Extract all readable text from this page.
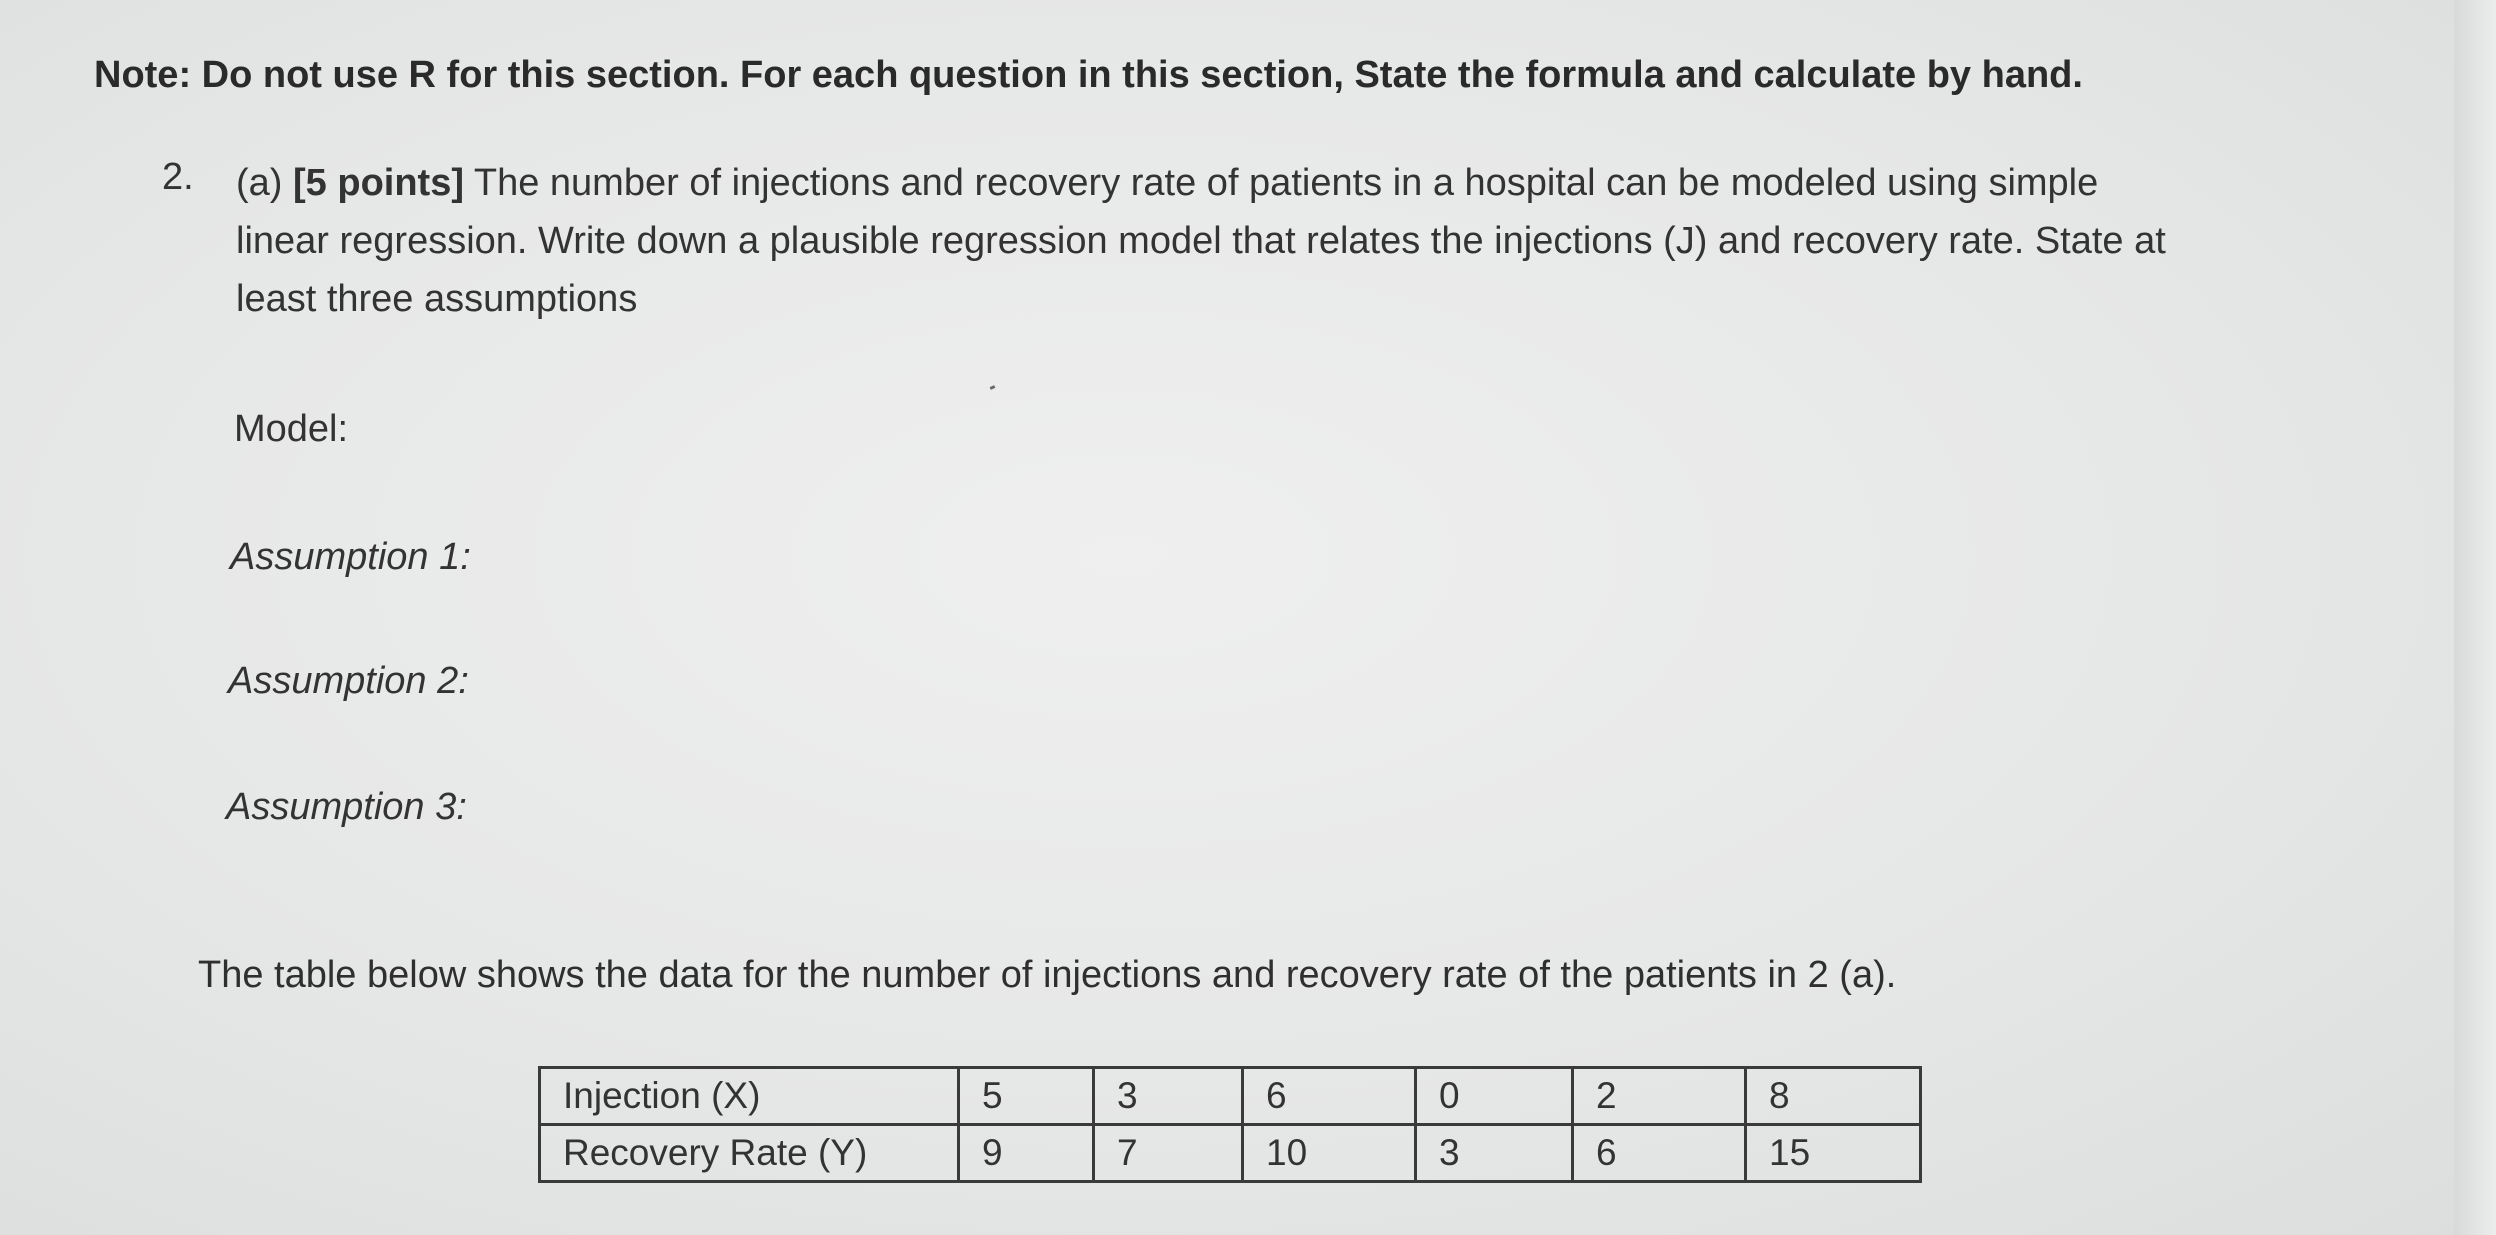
Note: Do not use R for this section. For each question in this section, State the formula and calculate by hand.
2. (a) [5 points] The number of injections and recovery rate of patients in a hospital can be modeled using simple
linear regression. Write down a plausible regression model that relates the injections (J) and recovery rate. State at
least three assumptions
Model:
Assumption 1:
Assumption 2:
Assumption 3:
The table below shows the data for the number of injections and recovery rate of the patients in 2 (a).
Injection (X)	5	3	6	0	2	8
Recovery Rate (Y)	9	7	10	3	6	15
